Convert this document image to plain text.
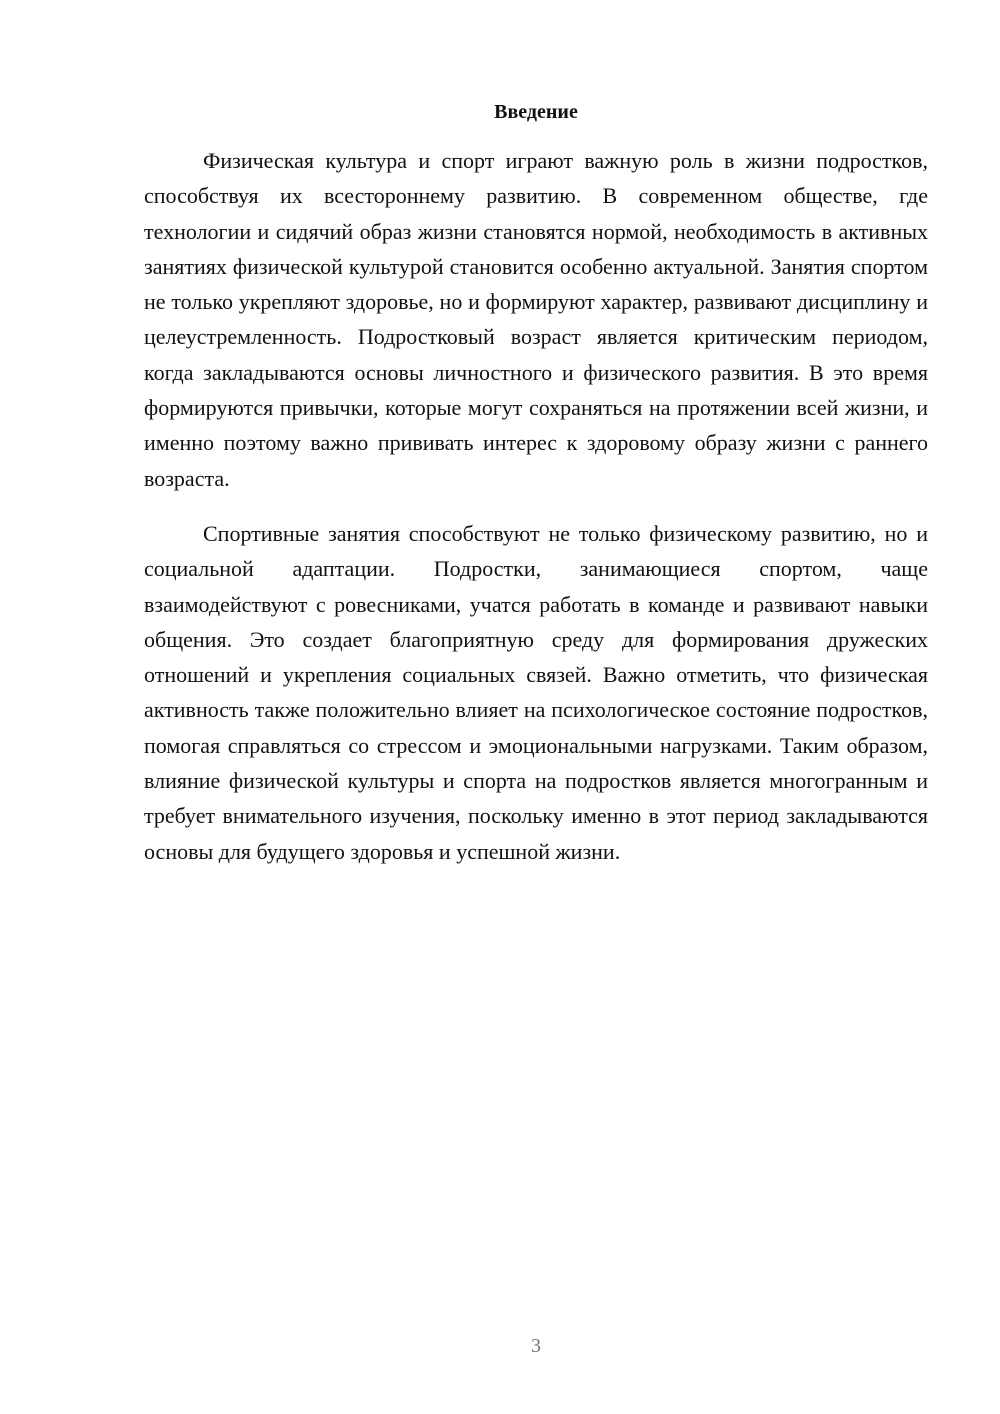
Введение

Физическая культура и спорт играют важную роль в жизни подростков, способствуя их всестороннему развитию. В современном обществе, где технологии и сидячий образ жизни становятся нормой, необходимость в активных занятиях физической культурой становится особенно актуальной. Занятия спортом не только укрепляют здоровье, но и формируют характер, развивают дисциплину и целеустремленность. Подростковый возраст является критическим периодом, когда закладываются основы личностного и физического развития. В это время формируются привычки, которые могут сохраняться на протяжении всей жизни, и именно поэтому важно прививать интерес к здоровому образу жизни с раннего возраста.

Спортивные занятия способствуют не только физическому развитию, но и социальной адаптации. Подростки, занимающиеся спортом, чаще взаимодействуют с ровесниками, учатся работать в команде и развивают навыки общения. Это создает благоприятную среду для формирования дружеских отношений и укрепления социальных связей. Важно отметить, что физическая активность также положительно влияет на психологическое состояние подростков, помогая справляться со стрессом и эмоциональными нагрузками. Таким образом, влияние физической культуры и спорта на подростков является многогранным и требует внимательного изучения, поскольку именно в этот период закладываются основы для будущего здоровья и успешной жизни.

3
